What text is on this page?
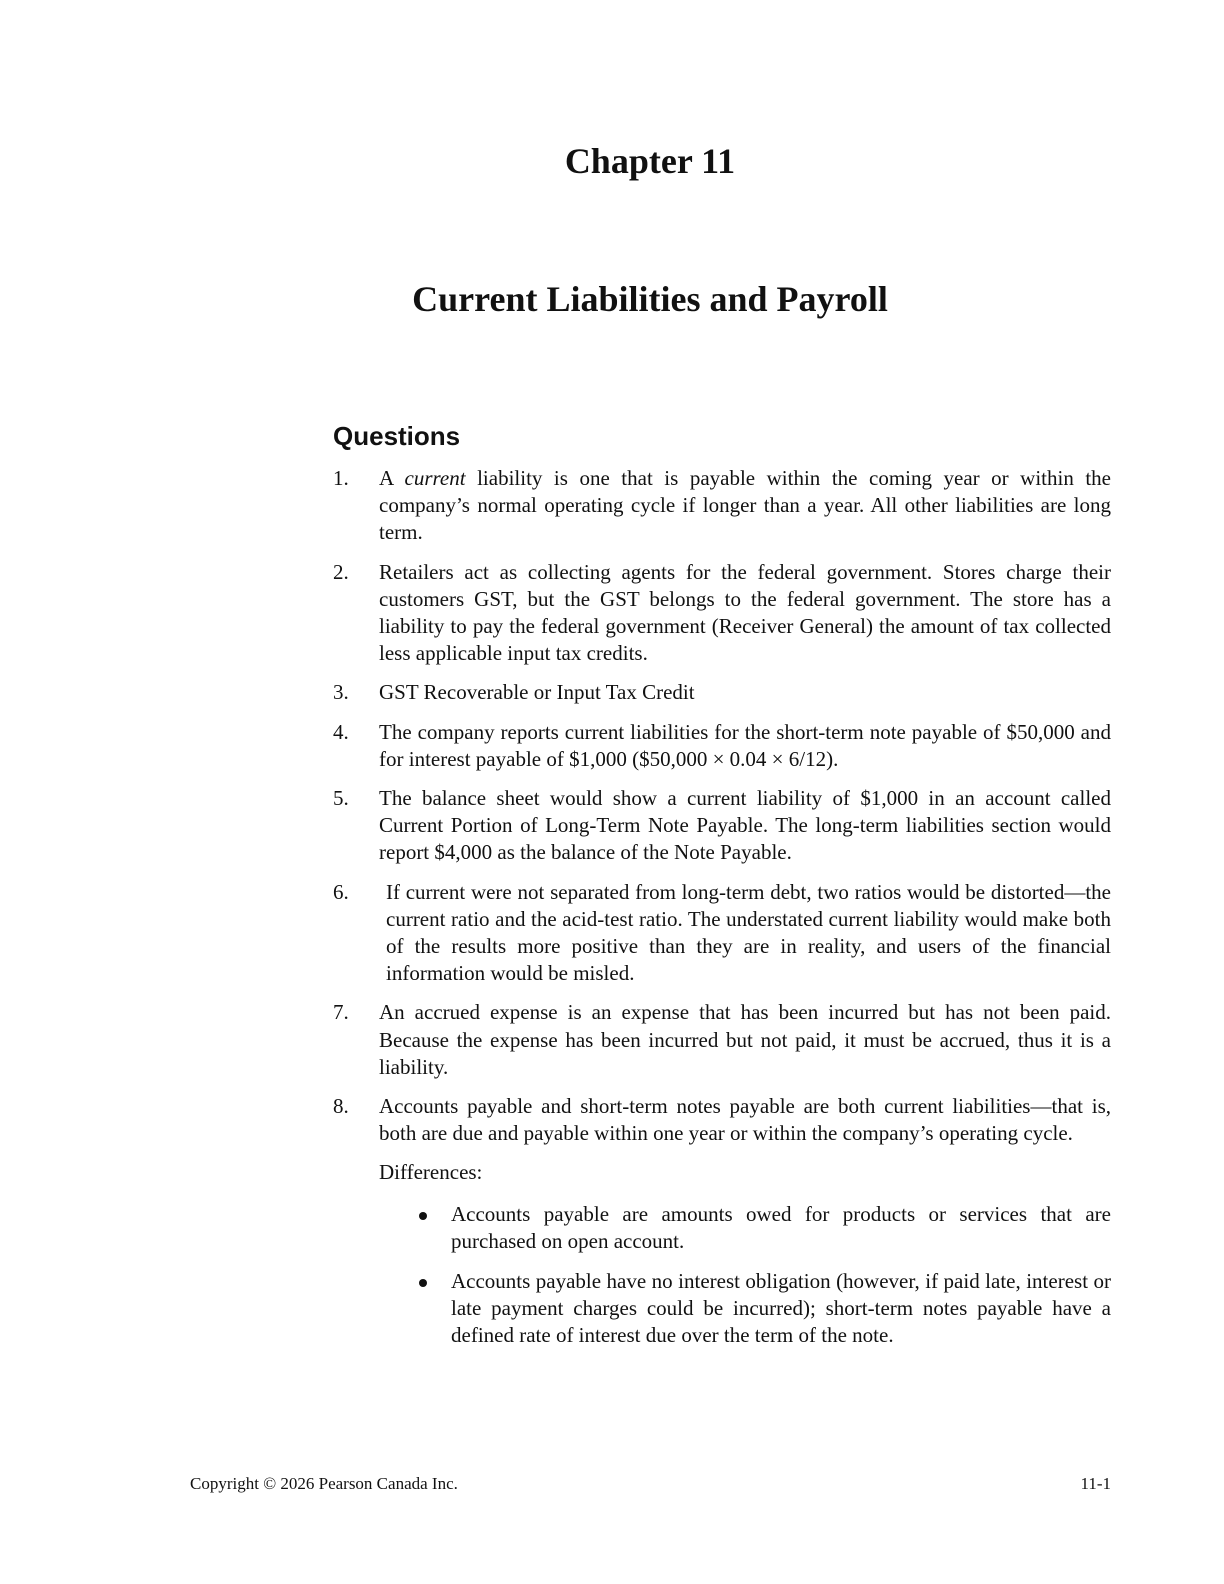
Chapter 11
Current Liabilities and Payroll
Questions
1.	A current liability is one that is payable within the coming year or within the company’s normal operating cycle if longer than a year. All other liabilities are long term.
2.	Retailers act as collecting agents for the federal government. Stores charge their customers GST, but the GST belongs to the federal government. The store has a liability to pay the federal government (Receiver General) the amount of tax collected less applicable input tax credits.
3.	GST Recoverable or Input Tax Credit
4.	The company reports current liabilities for the short-term note payable of $50,000 and for interest payable of $1,000 ($50,000 × 0.04 × 6/12).
5.	The balance sheet would show a current liability of $1,000 in an account called Current Portion of Long-Term Note Payable. The long-term liabilities section would report $4,000 as the balance of the Note Payable.
6.	If current were not separated from long-term debt, two ratios would be distorted—the current ratio and the acid-test ratio. The understated current liability would make both of the results more positive than they are in reality, and users of the financial information would be misled.
7.	An accrued expense is an expense that has been incurred but has not been paid. Because the expense has been incurred but not paid, it must be accrued, thus it is a liability.
8.	Accounts payable and short-term notes payable are both current liabilities—that is, both are due and payable within one year or within the company’s operating cycle.

Differences:

Accounts payable are amounts owed for products or services that are purchased on open account.
Accounts payable have no interest obligation (however, if paid late, interest or late payment charges could be incurred); short-term notes payable have a defined rate of interest due over the term of the note.
Copyright © 2026 Pearson Canada Inc.	11-1
